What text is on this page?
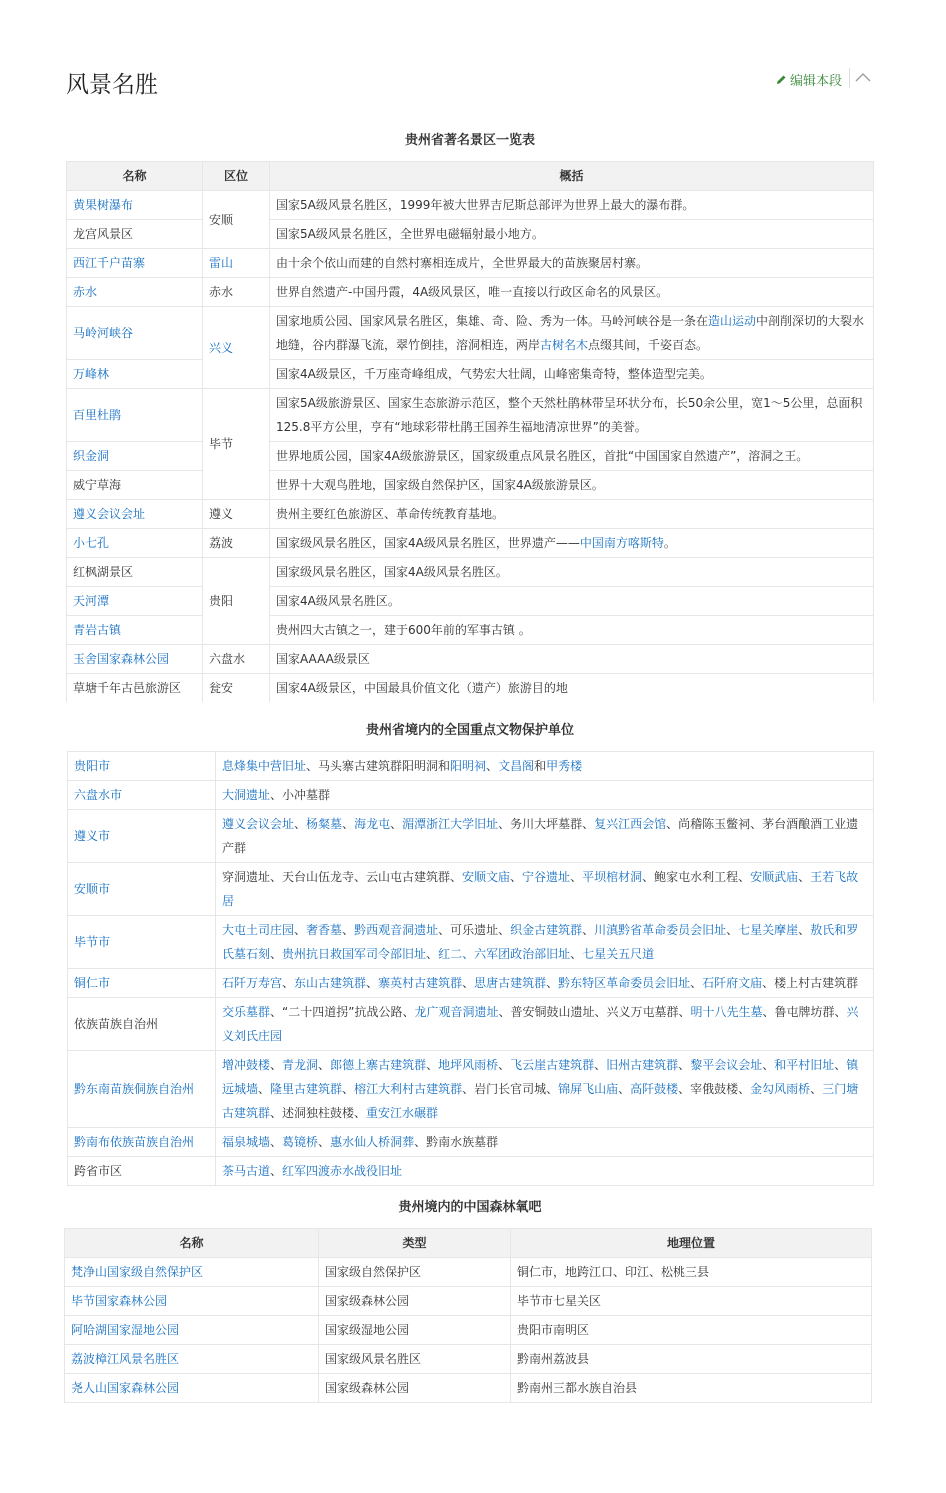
风景名胜	编辑本段
贵州省著名景区一览表
名称	区位	概括
黄果树瀑布	安顺	国家5A级风景名胜区，1999年被大世界吉尼斯总部评为世界上最大的瀑布群。
龙宫风景区		国家5A级风景名胜区，全世界电磁辐射最小地方。
西江千户苗寨	雷山	由十余个依山而建的自然村寨相连成片，全世界最大的苗族聚居村寨。
赤水	赤水	世界自然遗产-中国丹霞，4A级风景区，唯一直接以行政区命名的风景区。
马岭河峡谷	兴义	国家地质公园、国家风景名胜区，集雄、奇、险、秀为一体。马岭河峡谷是一条在造山运动中剖削深切的大裂水地缝，谷内群瀑飞流，翠竹倒挂，溶洞相连，两岸古树名木点缀其间，千姿百态。
万峰林		国家4A级景区，千万座奇峰组成，气势宏大壮阔，山峰密集奇特，整体造型完美。
百里杜鹃	毕节	国家5A级旅游景区、国家生态旅游示范区，整个天然杜鹃林带呈环状分布，长50余公里，宽1～5公里，总面积125.8平方公里，亨有“地球彩带杜鹃王国养生福地清凉世界”的美誉。
织金洞		世界地质公园，国家4A级旅游景区，国家级重点风景名胜区，首批“中国国家自然遗产”，溶洞之王。
威宁草海		世界十大观鸟胜地，国家级自然保护区，国家4A级旅游景区。
遵义会议会址	遵义	贵州主要红色旅游区、革命传统教育基地。
小七孔	荔波	国家级风景名胜区，国家4A级风景名胜区，世界遗产——中国南方喀斯特。
红枫湖景区	贵阳	国家级风景名胜区，国家4A级风景名胜区。
天河潭		国家4A级风景名胜区。
青岩古镇		贵州四大古镇之一，建于600年前的军事古镇 。
玉舍国家森林公园	六盘水	国家AAAA级景区
草塘千年古邑旅游区	瓮安	国家4A级景区，中国最具价值文化（遗产）旅游目的地
贵州省境内的全国重点文物保护单位
贵阳市	息烽集中营旧址、马头寨古建筑群阳明洞和阳明祠、文昌阁和甲秀楼
六盘水市	大洞遗址、小冲墓群
遵义市	遵义会议会址、杨粲墓、海龙屯、湄潭浙江大学旧址、务川大坪墓群、复兴江西会馆、尚稽陈玉鳖祠、茅台酒酿酒工业遗产群
安顺市	穿洞遗址、天台山伍龙寺、云山屯古建筑群、安顺文庙、宁谷遗址、平坝棺材洞、鲍家屯水利工程、安顺武庙、王若飞故居
毕节市	大屯土司庄园、奢香墓、黔西观音洞遗址、可乐遗址、织金古建筑群、川滇黔省革命委员会旧址、七星关摩崖、敖氏和罗氏墓石刻、贵州抗日救国军司令部旧址、红二、六军团政治部旧址、七星关五尺道
铜仁市	石阡万寿宫、东山古建筑群、寨英村古建筑群、思唐古建筑群、黔东特区革命委员会旧址、石阡府文庙、楼上村古建筑群
依族苗族自治州	交乐墓群、“二十四道拐”抗战公路、龙广观音洞遗址、普安铜鼓山遗址、兴义万屯墓群、明十八先生墓、鲁屯牌坊群、兴义刘氏庄园
黔东南苗族侗族自治州	增冲鼓楼、青龙洞、郎德上寨古建筑群、地坪风雨桥、飞云崖古建筑群、旧州古建筑群、黎平会议会址、和平村旧址、镇远城墙、隆里古建筑群、榕江大利村古建筑群、岩门长官司城、锦屏飞山庙、高阡鼓楼、宰俄鼓楼、金勾风雨桥、三门塘古建筑群、述洞独柱鼓楼、重安江水碾群
黔南布依族苗族自治州	福泉城墙、葛镜桥、惠水仙人桥洞葬、黔南水族墓群
跨省市区	茶马古道、红军四渡赤水战役旧址
贵州境内的中国森林氧吧
名称	类型	地理位置
梵净山国家级自然保护区	国家级自然保护区	铜仁市，地跨江口、印江、松桃三县
毕节国家森林公园	国家级森林公园	毕节市七星关区
阿哈湖国家湿地公园	国家级湿地公园	贵阳市南明区
荔波樟江风景名胜区	国家级风景名胜区	黔南州荔波县
尧人山国家森林公园	国家级森林公园	黔南州三都水族自治县
